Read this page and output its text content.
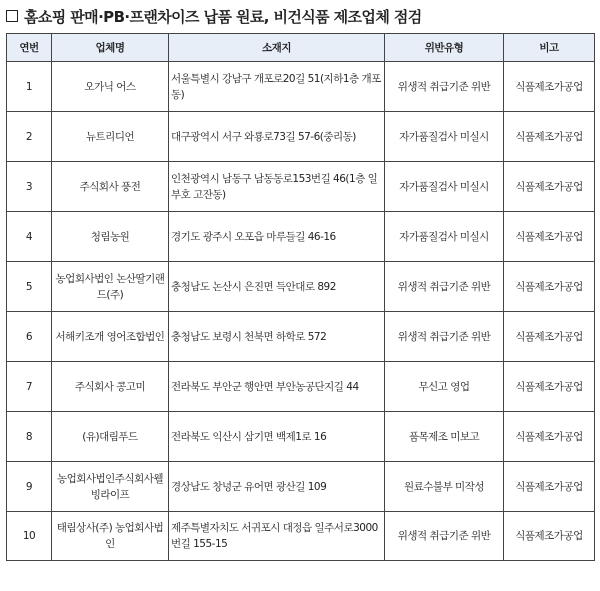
홈쇼핑 판매·PB·프랜차이즈 납품 원료, 비건식품 제조업체 점검
연번	업체명	소재지	위반유형	비고
1	오가닉 어스	서울특별시 강남구 개포로20길 51(지하1층 개포동)	위생적 취급기준 위반	식품제조가공업
2	뉴트리디언	대구광역시 서구 와룡로73길 57-6(중리동)	자가품질검사 미실시	식품제조가공업
3	주식회사 풍전	인천광역시 남동구 남동동로153번길 46(1층 일부호 고잔동)	자가품질검사 미실시	식품제조가공업
4	청림농원	경기도 광주시 오포읍 마루들길 46-16	자가품질검사 미실시	식품제조가공업
5	농업회사법인 논산딸기랜드(주)	충청남도 논산시 은진면 득안대로 892	위생적 취급기준 위반	식품제조가공업
6	서해키조개 영어조합법인	충청남도 보령시 천북면 하학로 572	위생적 취급기준 위반	식품제조가공업
7	주식회사 콩고미	전라북도 부안군 행안면 부안농공단지길 44	무신고 영업	식품제조가공업
8	(유)대림푸드	전라북도 익산시 삼기면 백제1로 16	품목제조 미보고	식품제조가공업
9	농업회사법인주식회사웰빙라이프	경상남도 창녕군 유어면 광산길 109	원료수불부 미작성	식품제조가공업
10	태림상사(주) 농업회사법인	제주특별자치도 서귀포시 대정읍 일주서로3000번길 155-15	위생적 취급기준 위반	식품제조가공업
